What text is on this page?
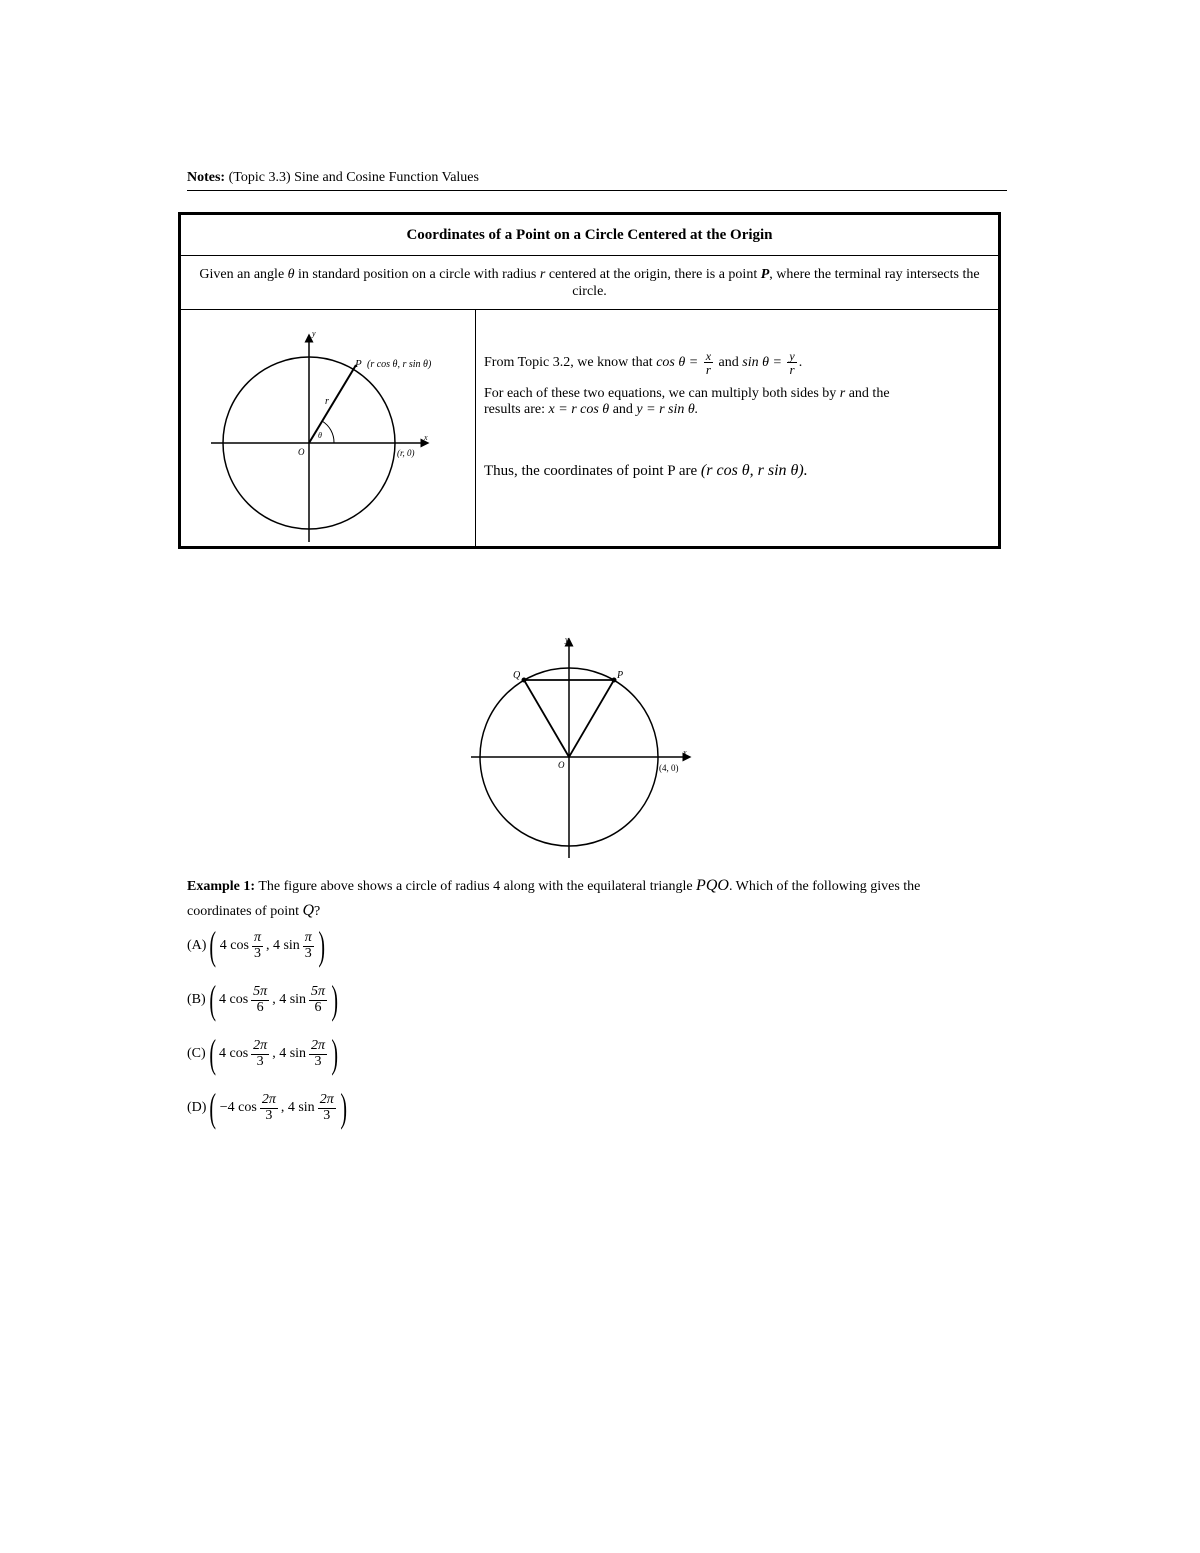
Notes: (Topic 3.3) Sine and Cosine Function Values
Coordinates of a Point on a Circle Centered at the Origin
Given an angle θ in standard position on a circle with radius r centered at the origin, there is a point P, where the terminal ray intersects the circle.

y
x
O
r
θ
P (r cos θ, r sin θ)
(r, 0)

From Topic 3.2, we know that $\cos \theta = \frac{x}{r}$ and $\sin \theta = \frac{y}{r}$ .

For each of these two equations, we can multiply both sides by r and the

results are: x = r cos θ and y = r sin θ.

Thus, the coordinates of point P are (r cos θ, r sin θ).

y
x
O
P
Q
(4, 0)
Example 1: The figure above shows a circle of radius 4 along with the equilateral triangle PQO. Which of the following gives the coordinates of point Q?
(A) ( 4 $\cos \frac{\pi}{3}$ , 4 $\sin \frac{\pi}{3}$ )
(B) ( 4 $\cos \frac{5\pi}{6}$ , 4 $\sin \frac{5\pi}{6}$ )
(C) ( 4 $\cos \frac{2\pi}{3}$ , 4 $\sin \frac{2\pi}{3}$ )
(D) ( −4 $\cos \frac{2\pi}{3}$ , 4 $\sin \frac{2\pi}{3}$ )
